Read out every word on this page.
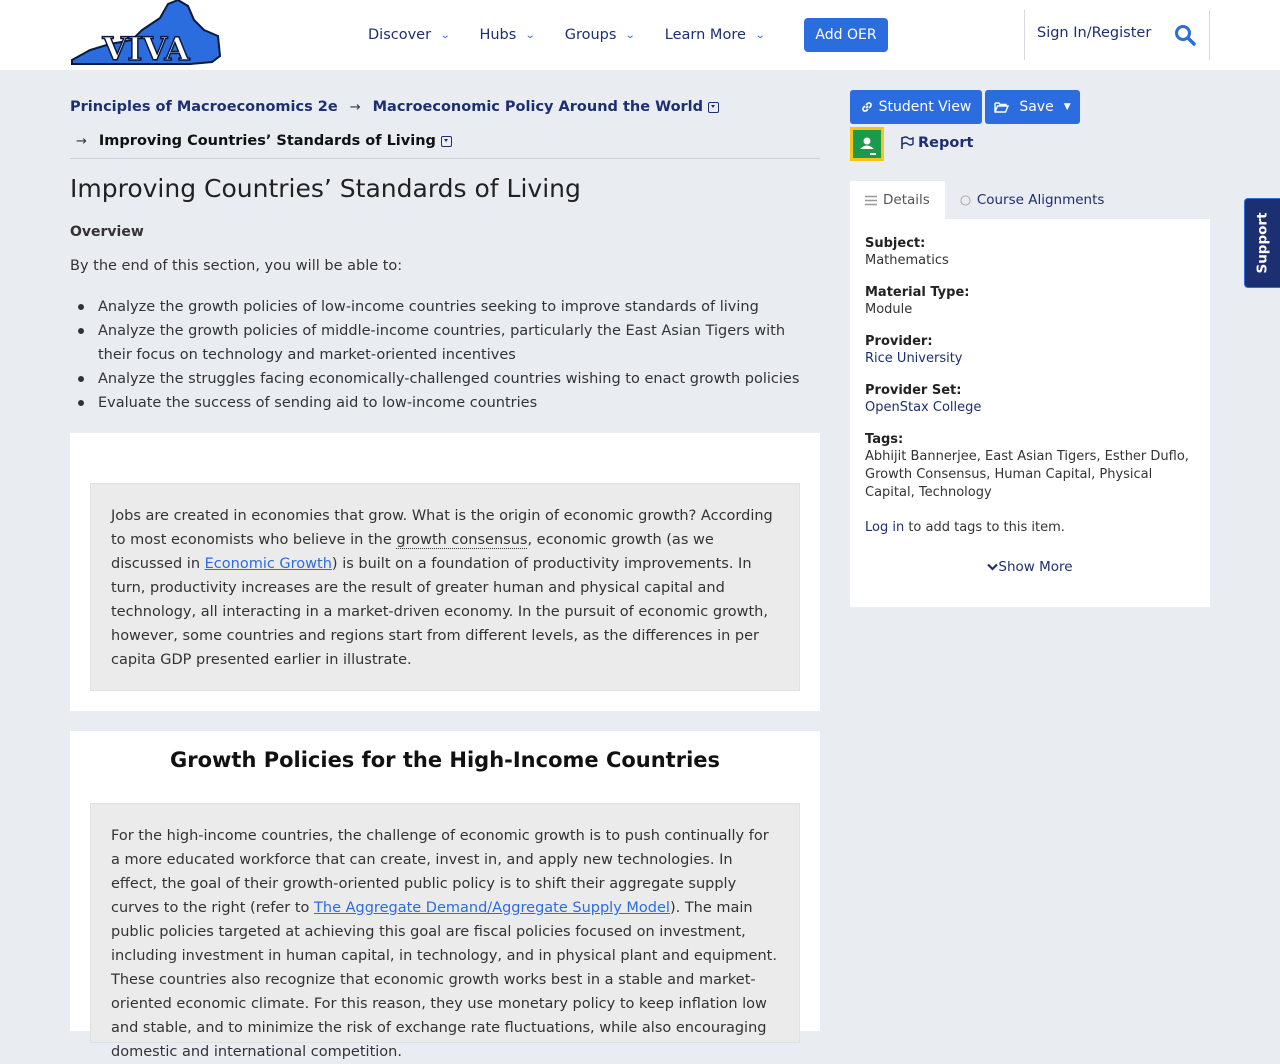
VIVA	Discover ⌄ Hubs ⌄ Groups ⌄ Learn More ⌄	Add OER	Sign In/Register
Principles of Macroeconomics 2e → Macroeconomic Policy Around the World
→ Improving Countries’ Standards of Living
Improving Countries’ Standards of Living
Overview
By the end of this section, you will be able to:
Analyze the growth policies of low-income countries seeking to improve standards of living
Analyze the growth policies of middle-income countries, particularly the East Asian Tigers with their focus on technology and market-oriented incentives
Analyze the struggles facing economically-challenged countries wishing to enact growth policies
Evaluate the success of sending aid to low-income countries
Jobs are created in economies that grow. What is the origin of economic growth? According to most economists who believe in the growth consensus, economic growth (as we discussed in Economic Growth) is built on a foundation of productivity improvements. In turn, productivity increases are the result of greater human and physical capital and technology, all interacting in a market-driven economy. In the pursuit of economic growth, however, some countries and regions start from different levels, as the differences in per capita GDP presented earlier in illustrate.
Growth Policies for the High-Income Countries
For the high-income countries, the challenge of economic growth is to push continually for a more educated workforce that can create, invest in, and apply new technologies. In effect, the goal of their growth-oriented public policy is to shift their aggregate supply curves to the right (refer to The Aggregate Demand/Aggregate Supply Model). The main public policies targeted at achieving this goal are fiscal policies focused on investment, including investment in human capital, in technology, and in physical plant and equipment. These countries also recognize that economic growth works best in a stable and market-oriented economic climate. For this reason, they use monetary policy to keep inflation low and stable, and to minimize the risk of exchange rate fluctuations, while also encouraging domestic and international competition.
Student View	Save ▼
Report
Details	Course Alignments
Subject:
Mathematics
Material Type:
Module
Provider:
Rice University
Provider Set:
OpenStax College
Tags:
Abhijit Bannerjee, East Asian Tigers, Esther Duflo, Growth Consensus, Human Capital, Physical Capital, Technology
Log in to add tags to this item.
Show More
Support
